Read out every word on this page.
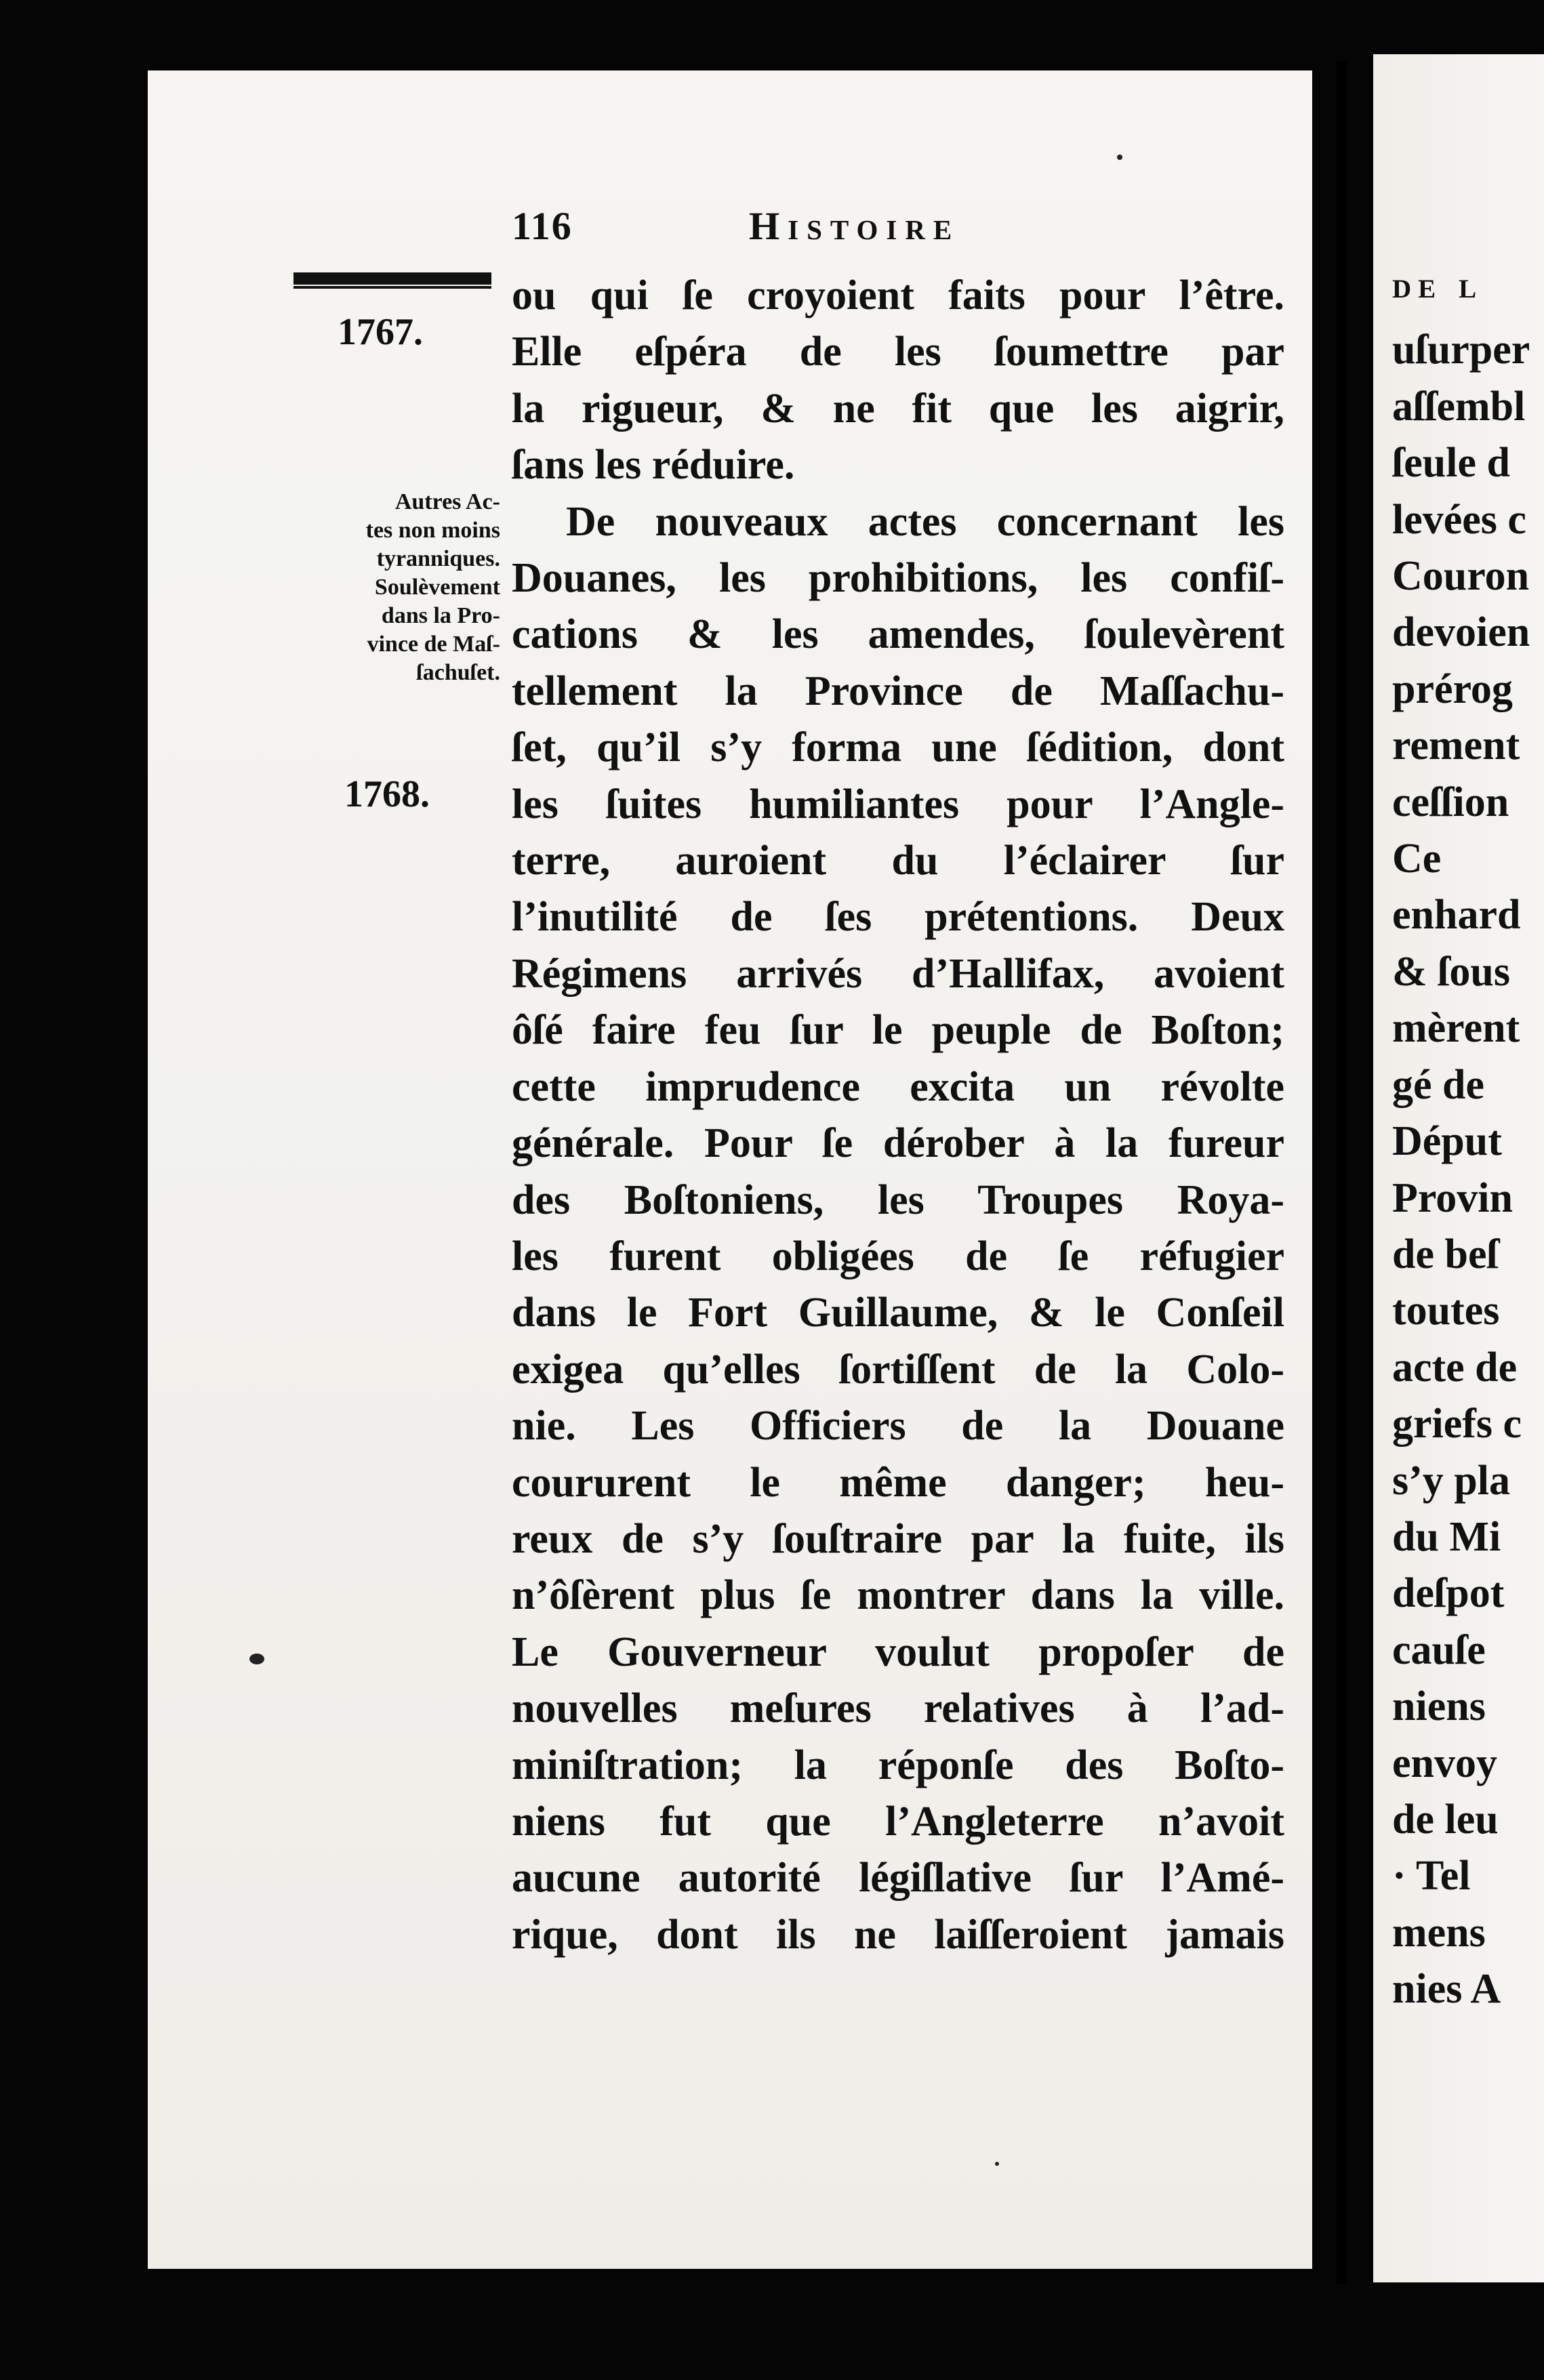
116	Histoire
1767.
1768.
Autres Ac-
tes non moins
tyranniques.
Soulèvement
dans la Pro-
vince de Maſ-
ſachuſet.
ou qui ſe croyoient faits pour l’être.
Elle eſpéra de les ſoumettre par
la rigueur, & ne fit que les aigrir,
ſans les réduire.
De nouveaux actes concernant les
Douanes, les prohibitions, les confiſ-
cations & les amendes, ſoulevèrent
tellement la Province de Maſſachu-
ſet, qu’il s’y forma une ſédition, dont
les ſuites humiliantes pour l’Angle-
terre, auroient du l’éclairer ſur
l’inutilité de ſes prétentions. Deux
Régimens arrivés d’Hallifax, avoient
ôſé faire feu ſur le peuple de Boſton;
cette imprudence excita un révolte
générale. Pour ſe dérober à la fureur
des Boſtoniens, les Troupes Roya-
les furent obligées de ſe réfugier
dans le Fort Guillaume, & le Conſeil
exigea qu’elles ſortiſſent de la Colo-
nie. Les Officiers de la Douane
coururent le même danger; heu-
reux de s’y ſouſtraire par la fuite, ils
n’ôſèrent plus ſe montrer dans la ville.
Le Gouverneur voulut propoſer de
nouvelles meſures relatives à l’ad-
miniſtration; la réponſe des Boſto-
niens fut que l’Angleterre n’avoit
aucune autorité légiſlative ſur l’Amé-
rique, dont ils ne laiſſeroient jamais
de l
uſurper
aſſembl
ſeule d
levées c
Couron
devoien
prérog
rement
ceſſion
Ce
enhard
& ſous
mèrent
gé de
Déput
Provin
de beſ
toutes
acte de
griefs c
s’y pla
du Mi
deſpot
cauſe
niens
envoy
de leu
· Tel
mens
nies A
